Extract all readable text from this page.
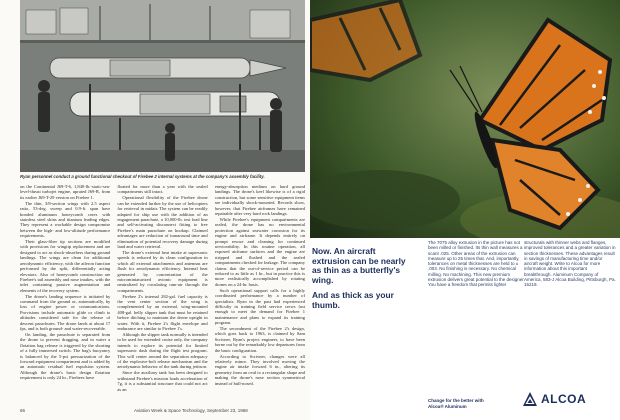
Ryan personnel conduct a ground functional checkout of Firebee 2 internal systems at the company's assembly facility.

on the Continental J69-T-6, 1,840-lb.-static-sea-level-thrust turbojet engine, uprated J69-B, from its earlier J69-T-29 version on Firebee 1.

The thin, 3/8-section wings with 2.5 aspect ratio, 53-deg. sweep and 0.9-ft. span have bonded aluminum honeycomb cores with stainless steel skins and titanium leading edges. They represent a workable design compromise between the high- and low-altitude performance requirements.

Their glass-fiber tip sections are modified with provisions for wingtip replacement and are designed to act as shock-absorbers during ground landings. The wings are clean for additional aerodynamic efficiency, with the aileron function performed by the split, differentially acting elevators. Also of honeycomb construction are Firebee's tail assembly and nose intakes, with the inlet containing passive augmentation and elements of the recovery system.

The drone's landing sequence is initiated by command from the ground or, automatically, by loss of engine power or communications. Provisions include automatic glide or climb to altitudes considered safe for the release of descent parachutes. The drone lands at about 17 fps, and is both ground- and water-recoverable.

On landing, the parachute is separated from the drone to prevent dragging, and in water a flotation bag release is triggered by the shorting of a fully immersed switch. The bag's buoyancy is balanced by the 5-psi pressurization of the forward equipment compartment and is added by an automatic residual fuel expulsion system. Although the drone's basic design flotation requirement is only 24 hr., Firebees have

floated for more than a year with the sealed compartments still intact.

Operational flexibility of the Firebee drone can be extended further by the use of helicopters for retrieval in midair. The system can be readily adapted for ship use with the addition of an engagement parachute, a 10,000-lb. test load line and self-activating disconnect fitting to free Firebee's main parachute on hookup. Claimed advantages are reduction of turnaround time and elimination of potential recovery damage during land and water retrieval.

The drone's external heat intake at supersonic speeds is reduced by its clean configuration in which all external attachments and antennas are flush for aerodynamic efficiency. Internal heat generated by concentration of the microminiaturized avionic equipment is neutralized by circulating ram-air through the compartments.

Firebee 2's internal 282-gal. fuel capacity is the vent center section of the wing is complemented by an external, wing-mounted 408-gal. belly slipper tank that must be retained before ditching to maintain the drone upright in water. With it, Firebee 2's flight envelope and endurance are similar to Firebee 1's.

Although the slipper tank normally is intended to be used for extended cruise only, the company intends to explore its potential for limited supersonic dash during the flight test program. This will center around the separation adequacy of the explosive-bolt release mechanism and the aerodynamic behavior of the tank during jettison.

Since the auxiliary tank has been designed to withstand Firebee's mission loads acceleration of 7g, it is a substantial structure that could not act as an

energy-absorption medium on hard ground landings. The drone's keel likewise is of a rigid construction, but some sensitive equipment items are individually shock-mounted. Records show, however, that Firebee airframes have remained repairable after very hard rock landings.

While Firebee's equipment compartments are sealed, the drone has no environmental protection against seawater corrosion for its engine and airframe. It depends entirely on prompt rescue and cleaning for continued serviceability. In this routine operation, all exposed airframe surfaces and the engine are stripped and flushed and the sealed compartments checked for leakage. The company claims that the out-of-service period can be reduced to as little as 1 hr., but in practice this is more realistically accomplished by rotating drones on a 24-hr. basis.

Such operational support calls for a highly coordinated performance by a number of specialists. Ryan in the past had experienced difficulty in training field service crews fast enough to meet the demand for Firebee 1 maintenance and plans to expand its training program.

The secondment of the Firebee 2's design, which goes back to 1963, is claimed by Sam Scrivner, Ryan's project engineer, to have been borne out by the remarkably low departures from the basic configuration.

According to Scrivner, changes were all relatively minor. They involved moving the engine air intake forward 6 in., altering its geometry from an oval to a rectangular shape and making the drone's nose section symmetrical instead of bull-nosed.

66	Aviation Week & Space Technology, September 23, 1968
Now. An aircraft extrusion can be nearly as thin as a butterfly's wing.
And as thick as your thumb.
The 7075 alloy extrusion in the picture has not been milled or finished. Its thin wall measures a scant .025. Other areas of the extrusion can measure up to 25 times that. And, importantly, tolerances on metal thicknesses are held to ± .003. No finishing is necessary. No chemical milling. No machining. This new premium extrusion delivers great potential to the designer. You have a freedom that permits lighter
structurals with thinner webs and flanges, improved tolerances and a greater variation in section thicknesses. These advantages result in savings of manufacturing time and/or aircraft weight. Write to Alcoa for more information about this important breakthrough. Aluminum Company of America, 583-J Alcoa Building, Pittsburgh, Pa. 15219.
Change for the better with
Alcoa® Aluminum
ALCOA
